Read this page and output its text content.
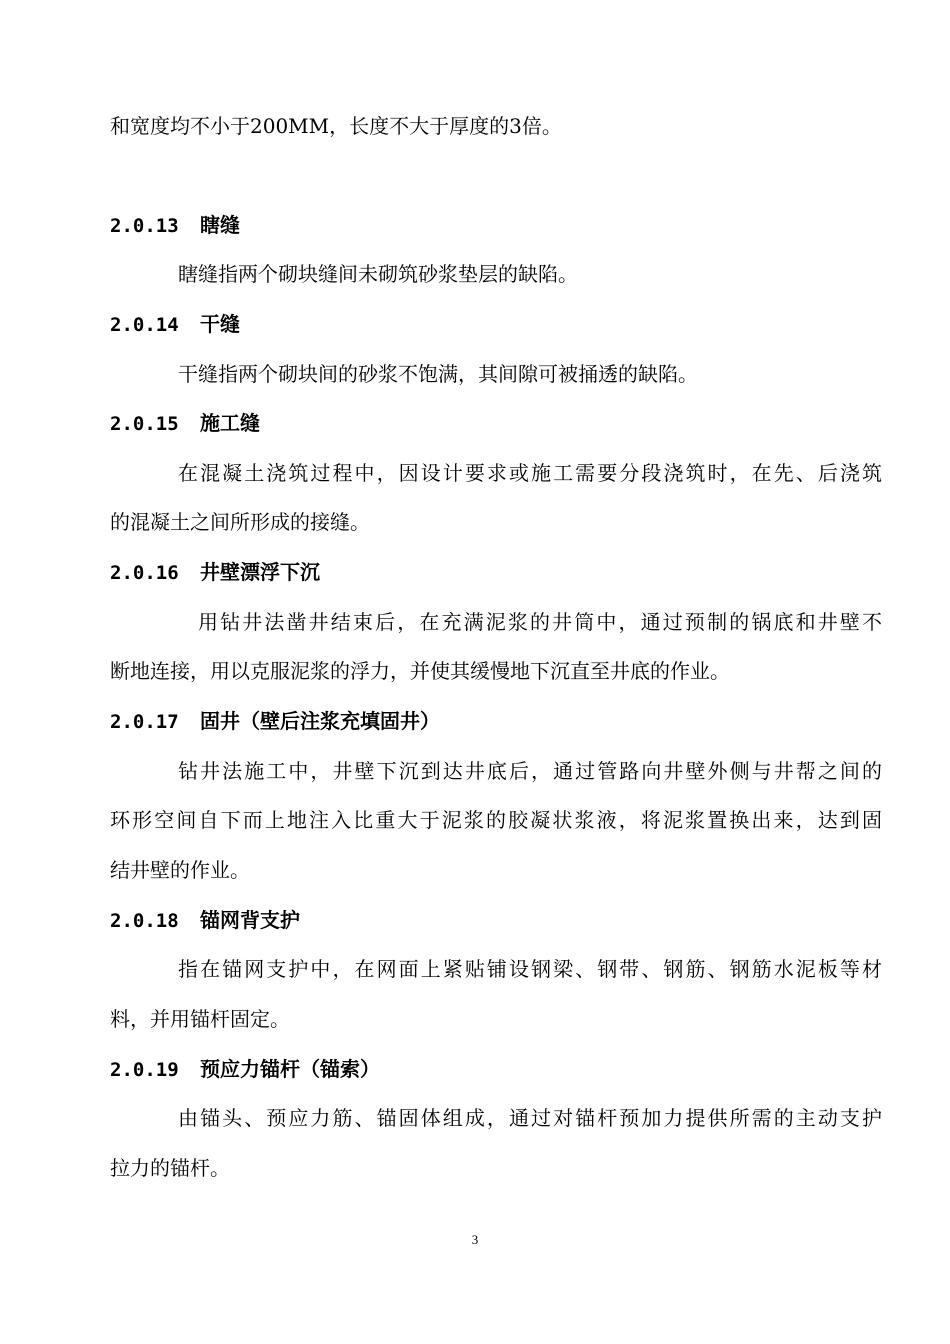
和宽度均不小于200MM，长度不大于厚度的3倍。
2.0.13 瞎缝
瞎缝指两个砌块缝间未砌筑砂浆垫层的缺陷。
2.0.14 干缝
干缝指两个砌块间的砂浆不饱满，其间隙可被捅透的缺陷。
2.0.15 施工缝
在混凝土浇筑过程中，因设计要求或施工需要分段浇筑时，在先、后浇筑
的混凝土之间所形成的接缝。
2.0.16 井壁漂浮下沉
用钻井法凿井结束后，在充满泥浆的井筒中，通过预制的锅底和井壁不
断地连接，用以克服泥浆的浮力，并使其缓慢地下沉直至井底的作业。
2.0.17 固井（壁后注浆充填固井）
钻井法施工中，井壁下沉到达井底后，通过管路向井壁外侧与井帮之间的
环形空间自下而上地注入比重大于泥浆的胶凝状浆液，将泥浆置换出来，达到固
结井壁的作业。
2.0.18 锚网背支护
指在锚网支护中，在网面上紧贴铺设钢梁、钢带、钢筋、钢筋水泥板等材
料，并用锚杆固定。
2.0.19 预应力锚杆（锚索）
由锚头、预应力筋、锚固体组成，通过对锚杆预加力提供所需的主动支护
拉力的锚杆。
3
